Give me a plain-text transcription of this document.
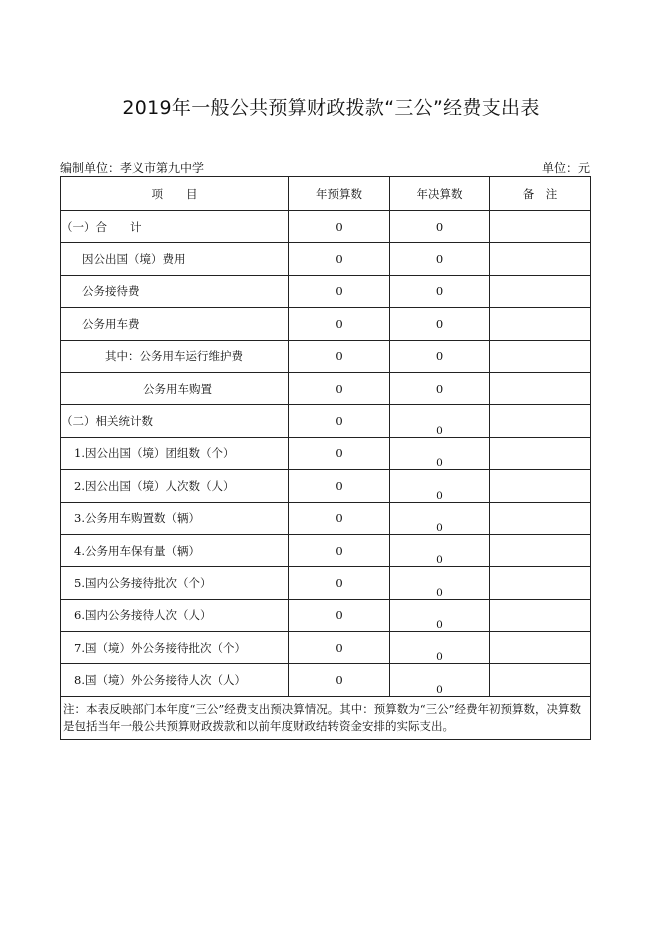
2019年一般公共预算财政拨款“三公”经费支出表
编制单位：孝义市第九中学	单位：元
项　　目	年预算数	年决算数	备　注
（一）合　　计	0	0	
因公出国（境）费用	0	0	
公务接待费	0	0	
公务用车费	0	0	
其中：公务用车运行维护费	0	0	
公务用车购置	0	0	
（二）相关统计数	0	0	
1.因公出国（境）团组数（个）	0	0	
2.因公出国（境）人次数（人）	0	0	
3.公务用车购置数（辆）	0	0	
4.公务用车保有量（辆）	0	0	
5.国内公务接待批次（个）	0	0	
6.国内公务接待人次（人）	0	0	
7.国（境）外公务接待批次（个）	0	0	
8.国（境）外公务接待人次（人）	0	0	
注：本表反映部门本年度“三公”经费支出预决算情况。其中：预算数为“三公”经费年初预算数，决算数是包括当年一般公共预算财政拨款和以前年度财政结转资金安排的实际支出。			
